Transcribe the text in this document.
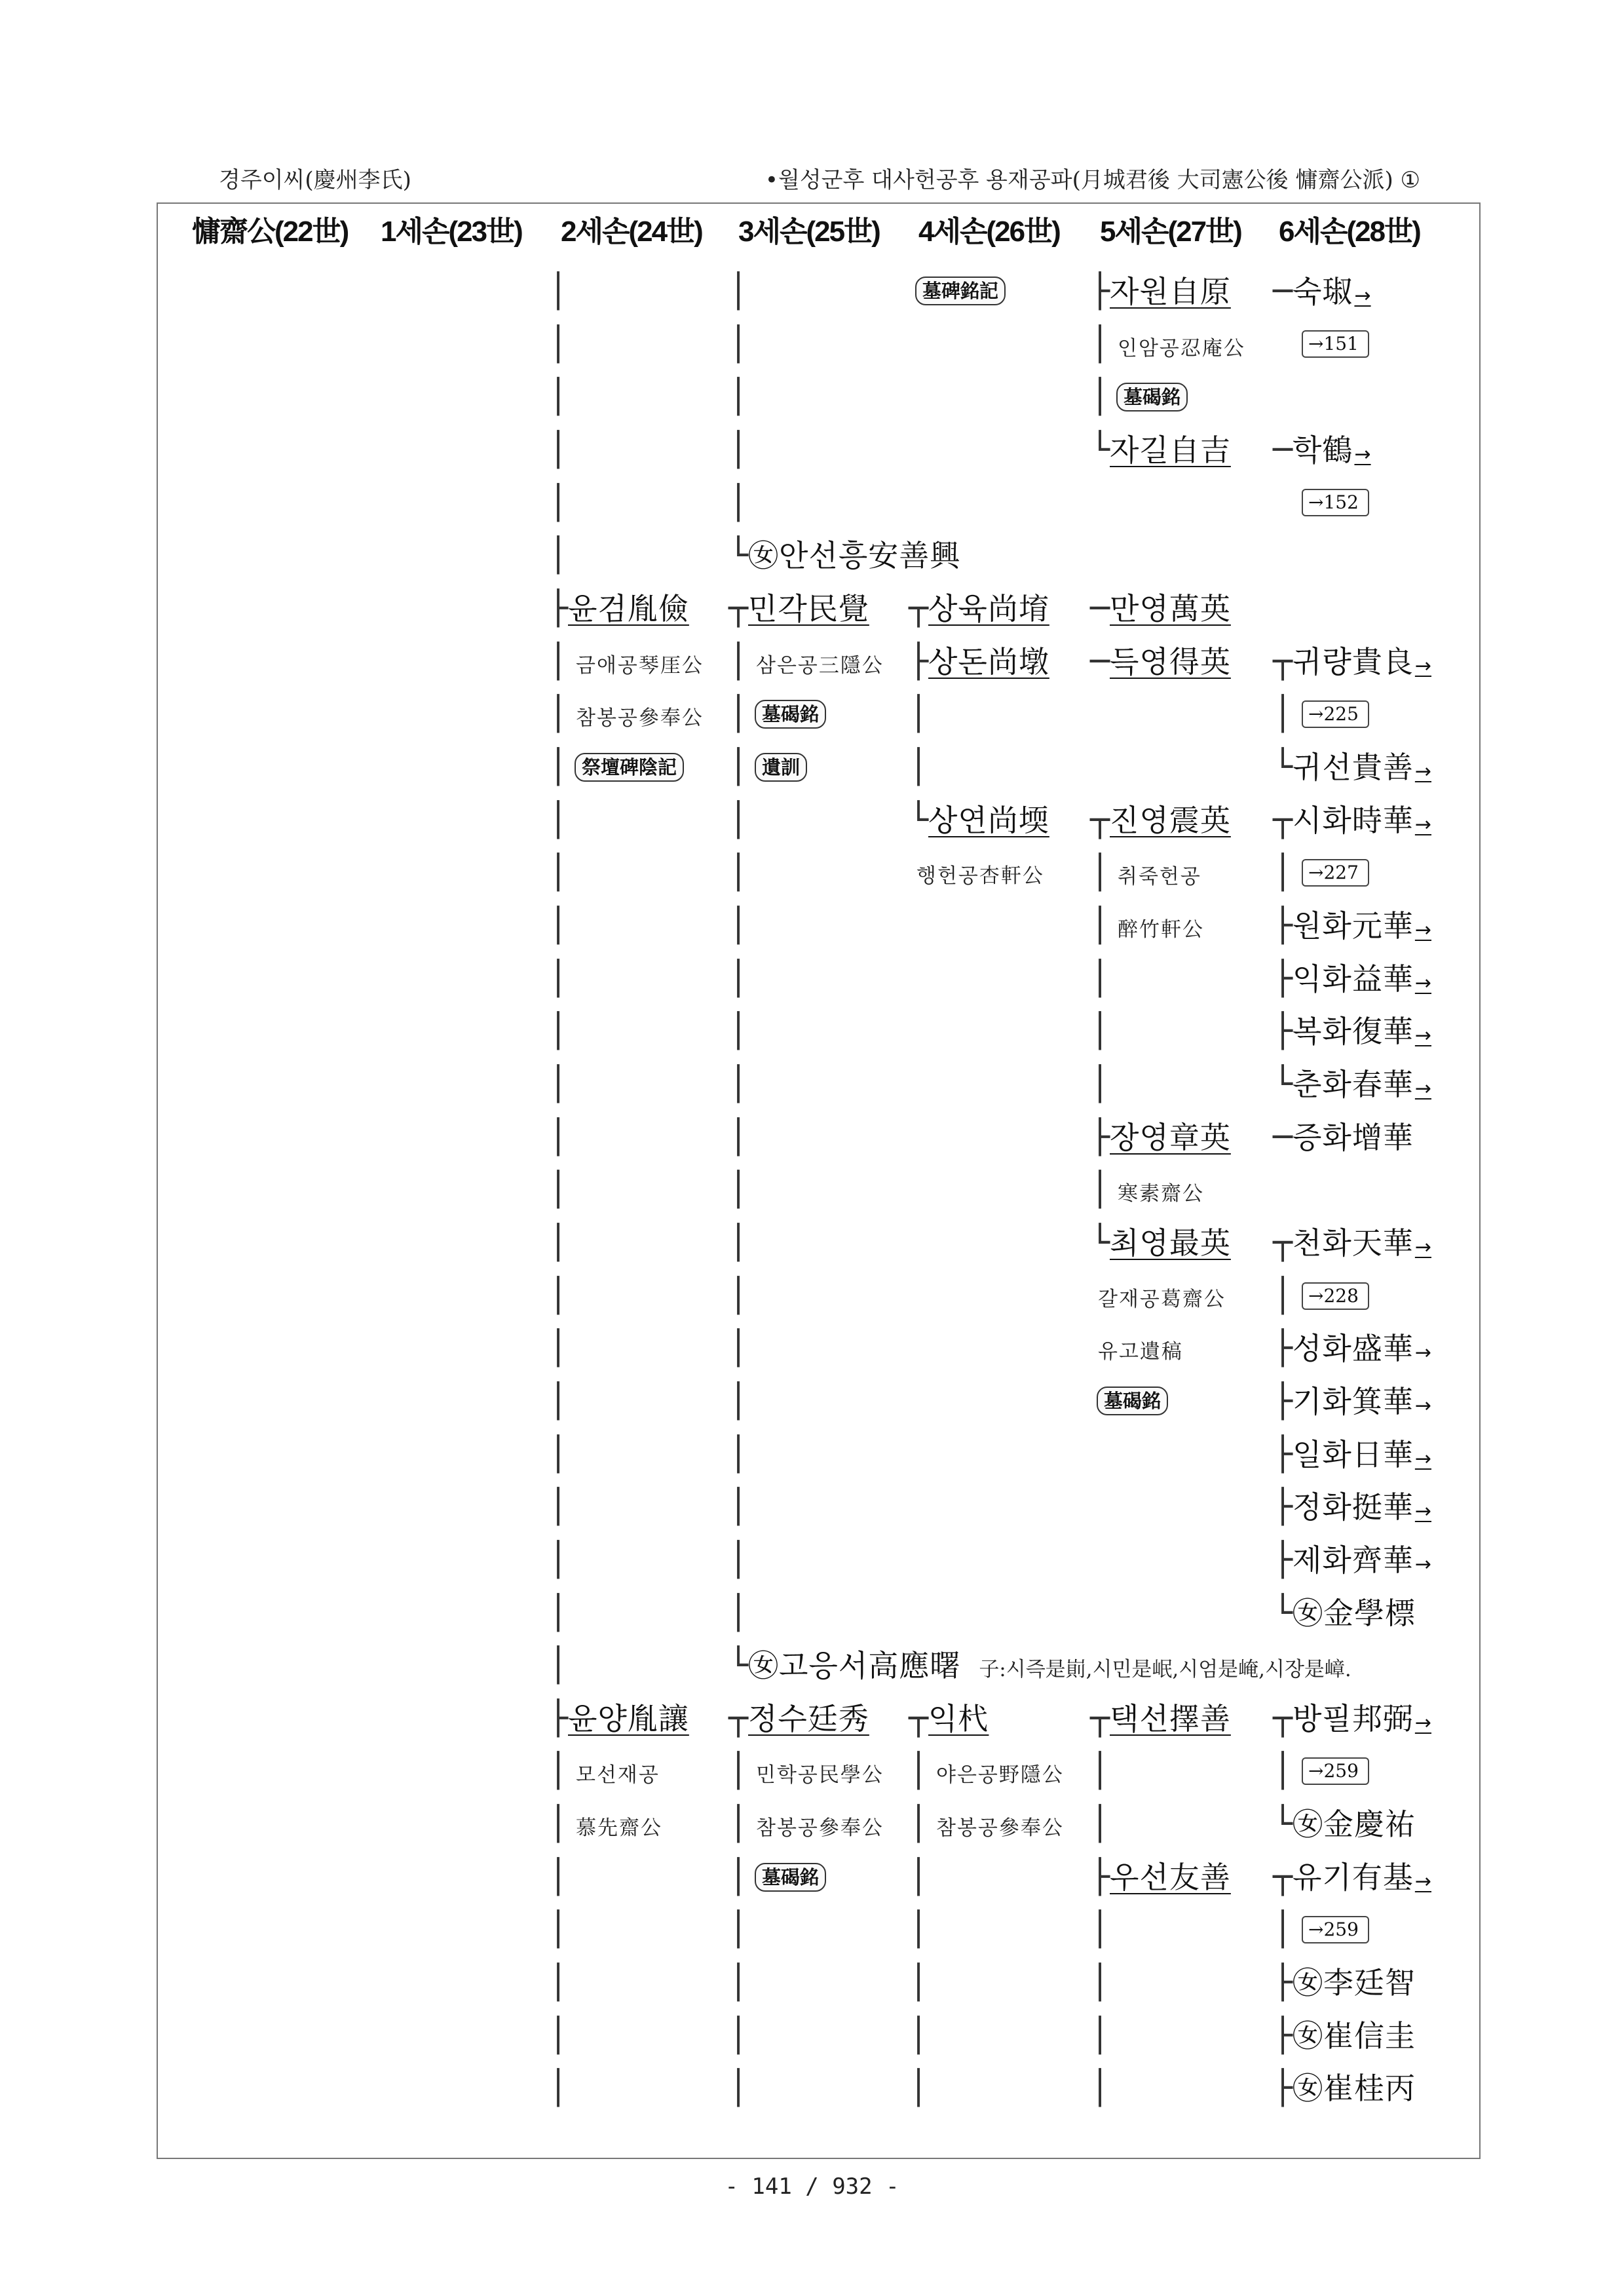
경주이씨(慶州李氏)	•월성군후 대사헌공후 용재공파(月城君後 大司憲公後 慵齋公派) ①
慵齋公(22世) 1세손(23世) 2세손(24世) 3세손(25世) 4세손(26世) 5세손(27世) 6세손(28世)
│	│	墓碑銘記	├자원自原 ─숙琡→
│	│	│ 인암공忍庵公	→151
│	│	│ 墓碣銘
│	│	└자길自吉 ─학鶴→
│	│	→152
│	└㊛안선흥安善興
├윤검胤儉 ┬민각民覺 ┬상육尚堉 ─만영萬英
│ 금애공琴厓公 │ 삼은공三隱公 ├상돈尚墩 ─득영得英 ┬귀량貴良→
│ 참봉공參奉公 │ 墓碣銘	│	│ →225
│ 祭壇碑陰記 │ 遺訓	│	└귀선貴善→
│	│	└상연尚堧 ┬진영震英 ┬시화時華→
│	│	행헌공杏軒公 │ 취죽헌공 │ →227
│	│	│ 醉竹軒公 ├원화元華→
│	│	│	├익화益華→
│	│	│	├복화復華→
│	│	│	└춘화春華→
│	│	├장영章英 ─증화增華
│	│	│ 寒素齋公
│	│	└최영最英 ┬천화天華→
│	│	갈재공葛齋公 │ →228
│	│	유고遺稿	├성화盛華→
│	│	墓碣銘	├기화箕華→
│	│	├일화日華→
│	│	├정화挺華→
│	│	├제화齊華→
│	│	└㊛金學標
│	└㊛고응서高應曙 子:시즉是崱,시민是岷,시엄是崦,시장是嶂.
├윤양胤讓 ┬정수廷秀 ┬익杙	┬택선擇善 ┬방필邦弼→
│ 모선재공 │ 민학공民學公 │ 야은공野隱公 │	│ →259
│ 慕先齋公 │ 참봉공參奉公 │ 참봉공參奉公 │	└㊛金慶祐
│	│ 墓碣銘	│	├우선友善 ┬유기有基→
│	│	│	│	│ →259
│	│	│	│	├㊛李廷智
│	│	│	│	├㊛崔信圭
│	│	│	│	├㊛崔桂丙
- 141 / 932 -
